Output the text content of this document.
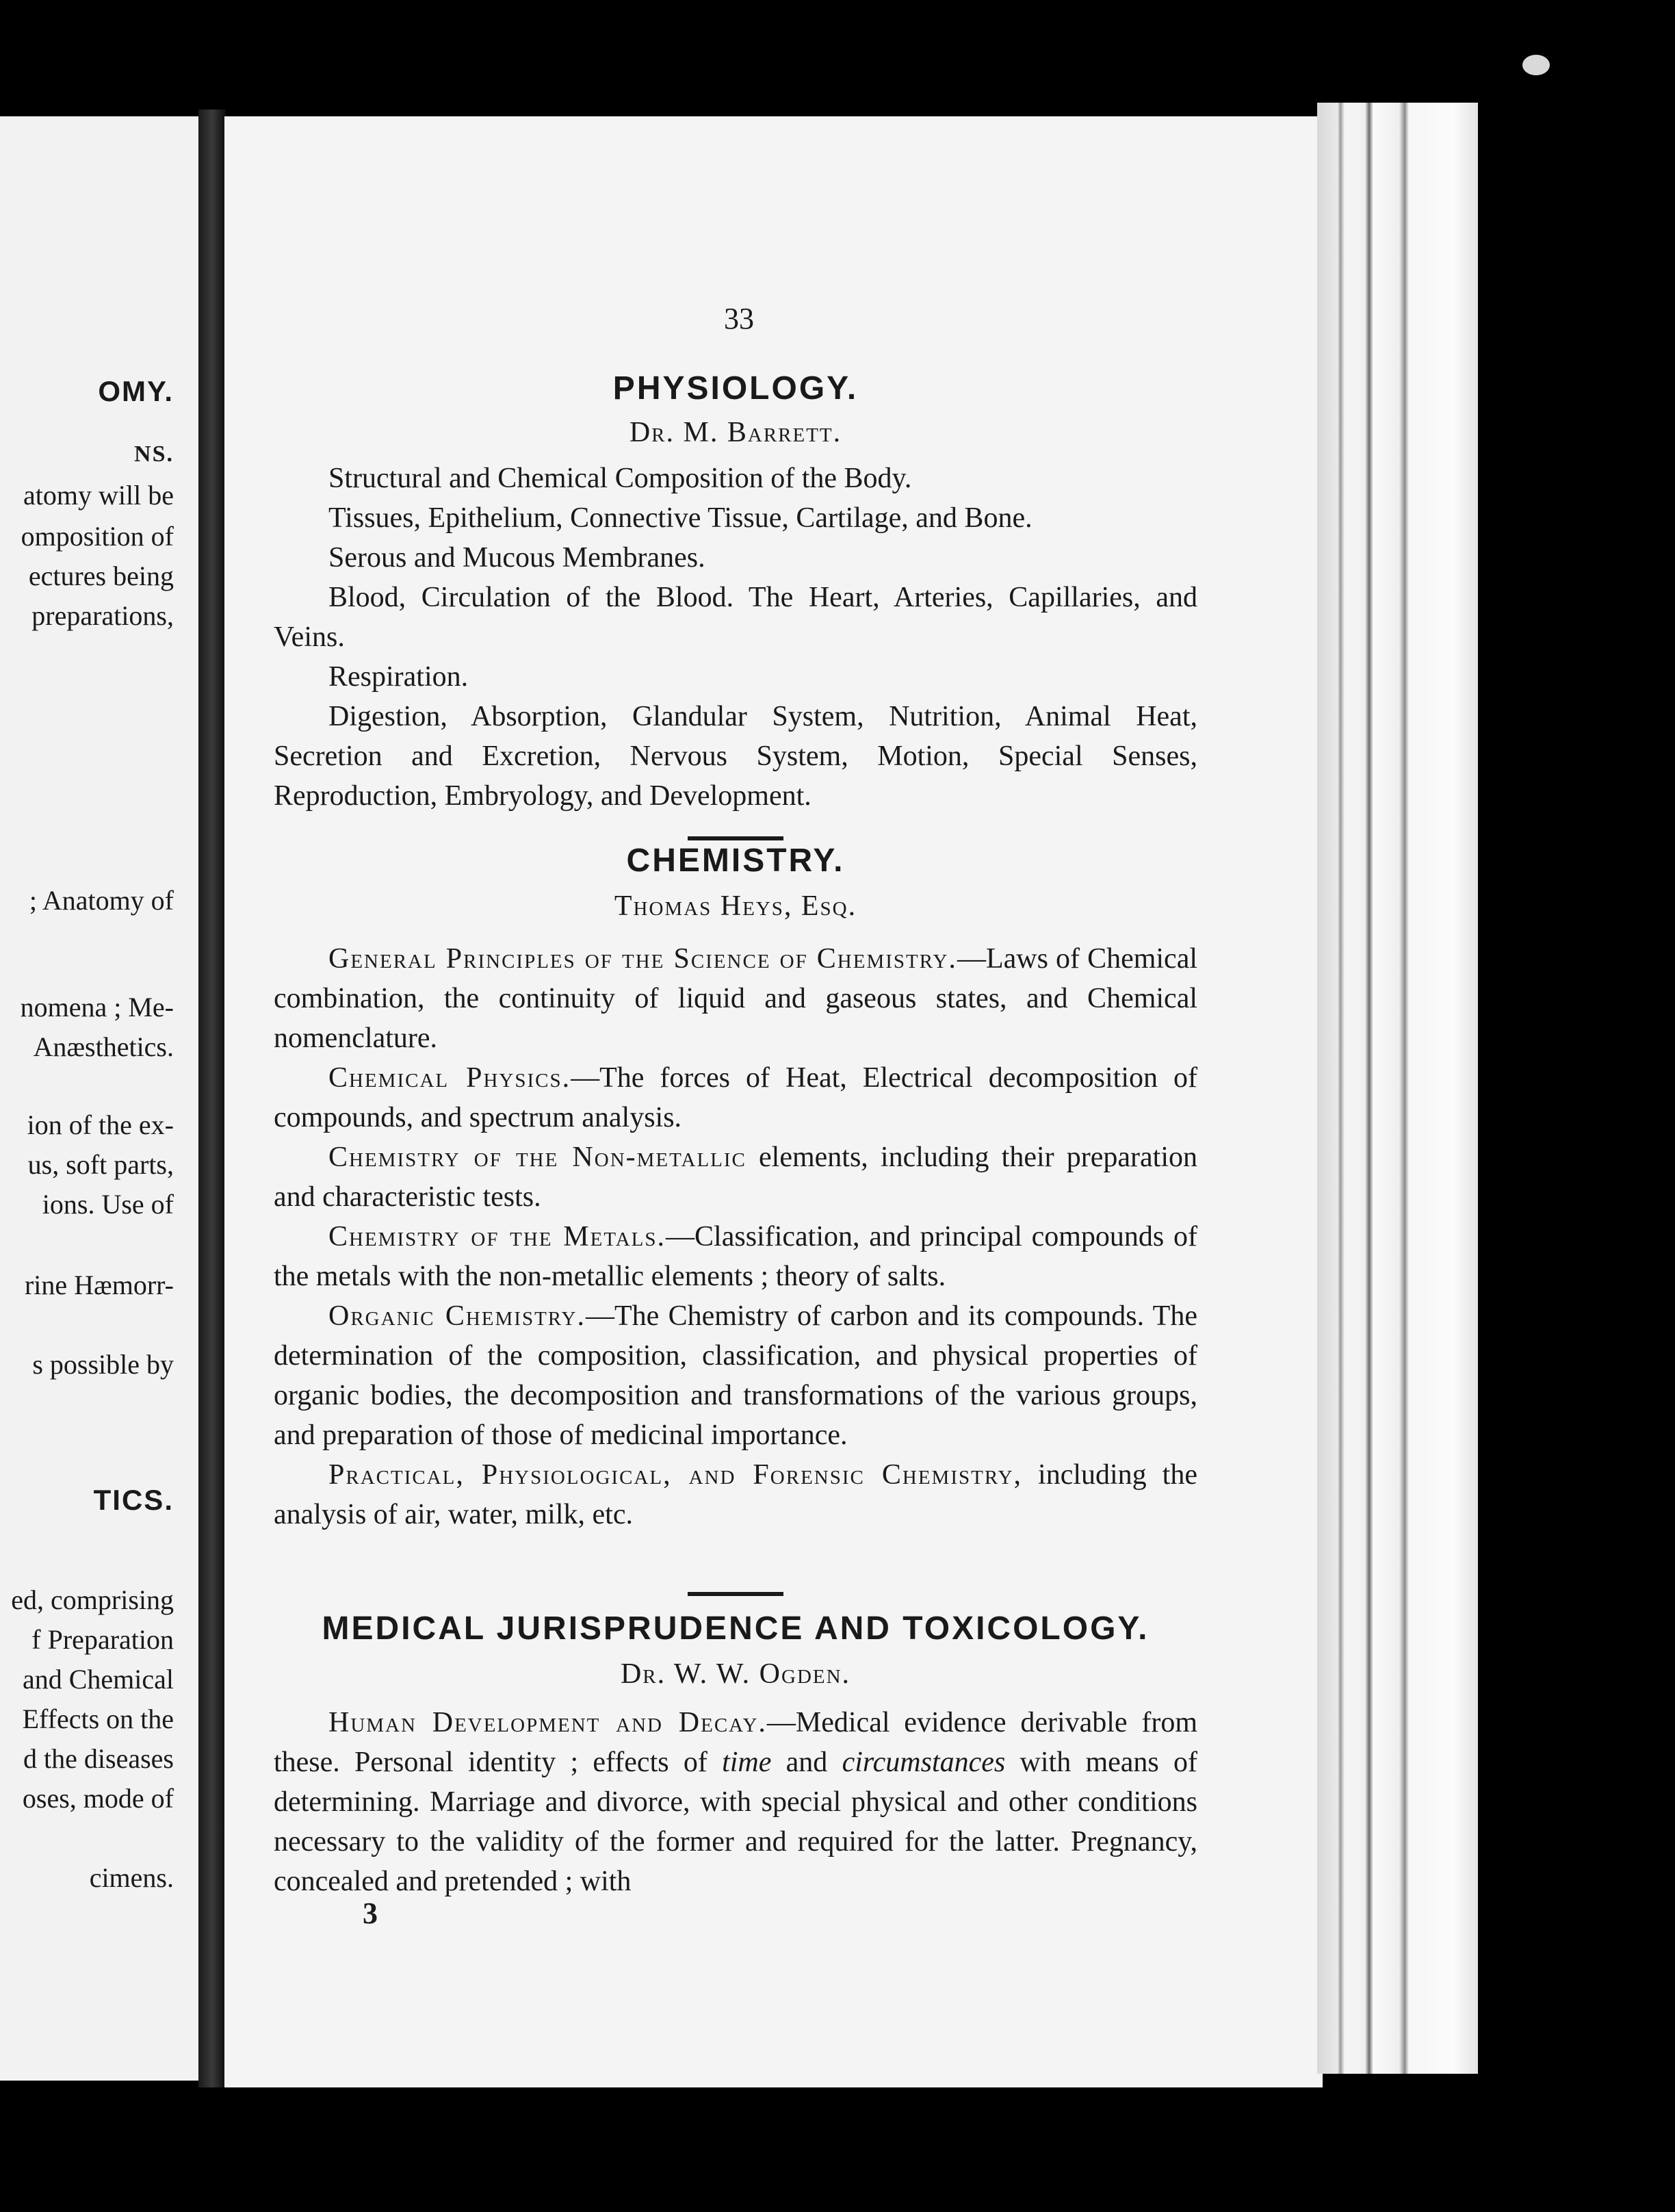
OMY.
NS.
atomy will be
omposition of
ectures being
preparations,
; Anatomy of
nomena ; Me-
Anæsthetics.
ion of the ex-
us, soft parts,
ions. Use of
rine Hæmorr-
s possible by
TICS.
ed, comprising
f Preparation
and Chemical
Effects on the
d the diseases
oses, mode of
cimens.
33
PHYSIOLOGY.
Dr. M. Barrett.

Structural and Chemical Composition of the Body.

Tissues, Epithelium, Connective Tissue, Cartilage, and Bone.

Serous and Mucous Membranes.

Blood, Circulation of the Blood. The Heart, Arteries, Capillaries, and Veins.

Respiration.

Digestion, Absorption, Glandular System, Nutrition, Animal Heat, Secretion and Excretion, Nervous System, Motion, Special Senses, Reproduction, Embryology, and Development.

CHEMISTRY.
Thomas Heys, Esq.

General Principles of the Science of Chemistry.—Laws of Chemical combination, the continuity of liquid and gaseous states, and Chemical nomenclature.

Chemical Physics.—The forces of Heat, Electrical decomposition of compounds, and spectrum analysis.

Chemistry of the Non-metallic elements, including their preparation and characteristic tests.

Chemistry of the Metals.—Classification, and principal compounds of the metals with the non-metallic elements ; theory of salts.

Organic Chemistry.—The Chemistry of carbon and its compounds. The determination of the composition, classification, and physical properties of organic bodies, the decomposition and transformations of the various groups, and preparation of those of medicinal importance.

Practical, Physiological, and Forensic Chemistry, including the analysis of air, water, milk, etc.

MEDICAL JURISPRUDENCE AND TOXICOLOGY.
Dr. W. W. Ogden.

Human Development and Decay.—Medical evidence derivable from these. Personal identity ; effects of time and circumstances with means of determining. Marriage and divorce, with special physical and other conditions necessary to the validity of the former and required for the latter. Pregnancy, concealed and pretended ; with

3
